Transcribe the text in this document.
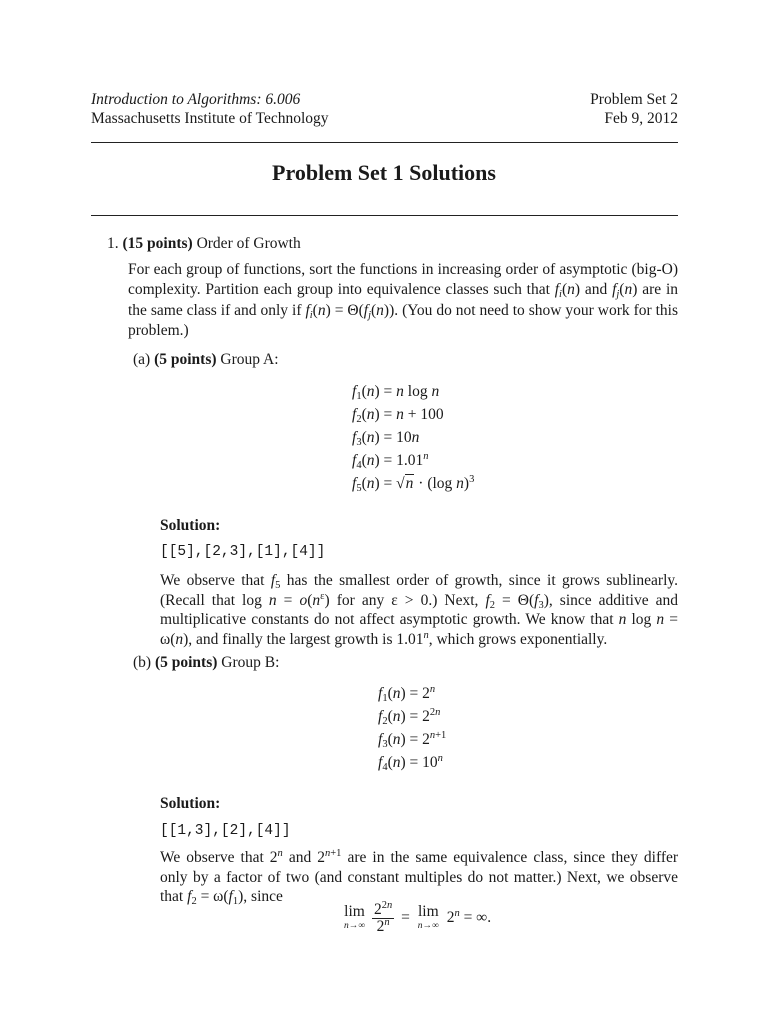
Introduction to Algorithms: 6.006
Massachusetts Institute of Technology
Problem Set 2
Feb 9, 2012
Problem Set 1 Solutions
1. (15 points) Order of Growth
For each group of functions, sort the functions in increasing order of asymptotic (big-O) complexity. Partition each group into equivalence classes such that $f_i(n)$ and $f_j(n)$ are in the same class if and only if $f_i(n) = \Theta(f_j(n))$. (You do not need to show your work for this problem.)
(a) (5 points) Group A:
$f_1(n) = n$ log n
$f_2(n) = n + 100$
$f_3(n) = 10n$
$f_4(n) = 1.01^n$
$f_5(n) = √n \cdot (\log$ n)$^3$
Solution:
[[5],[2,3],[1],[4]]
We observe that $f_5$ has the smallest order of growth, since it grows sublinearly. (Recall that $\log n = o(n^\varepsilon)$ for any ε > 0.) Next, $f_2 = \Theta(f_3)$, since additive and multiplicative constants do not affect asymptotic growth. We know that n log n = ω(n), and finally the largest growth is 1.01$^n$, which grows exponentially.
(b) (5 points) Group B:
$f_1(n) = 2^n$
$f_2(n) = 2^{2n}$
$f_3(n) = 2^{n+1}$
$f_4(n) = 10^n$
Solution:
[[1,3],[2],[4]]
We observe that 2$^n$ and $2^{n+1}$ are in the same equivalence class, since they differ only by a factor of two (and constant multiples do not matter.) Next, we observe that $f_2 = \omega(f_1)$, since
lim
$n\to\infty \frac{2^{2n}}{2^n} = \lim$
n→∞ $2^n$ = ∞.
